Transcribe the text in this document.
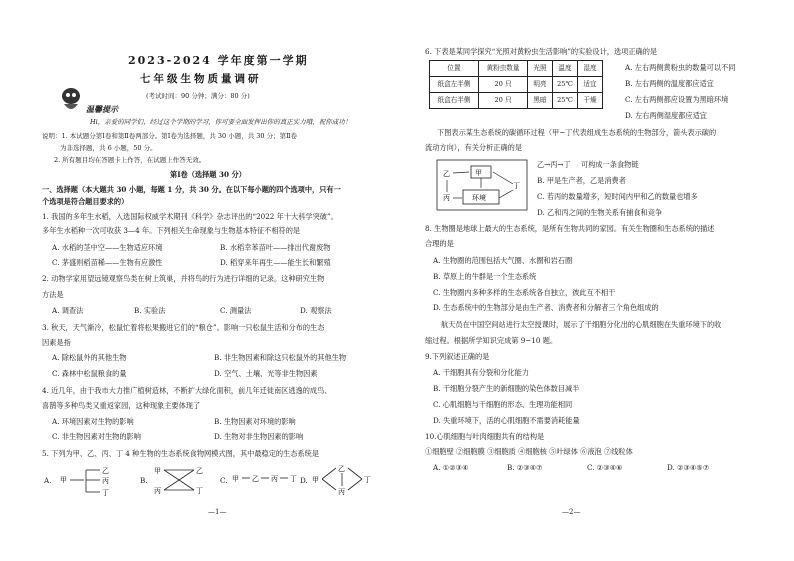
2023-2024 学年度第一学期
七年级生物质量调研
(考试时间：90 分钟；满分：80 分)
温馨提示
Hi，亲爱的同学们，经过这个学期的学习，你可要全面发挥出你的真正实力哦，祝你成功！
说明：1. 本试题分第Ⅰ卷和第Ⅱ卷两部分。第Ⅰ卷为选择题，共 30 小题，共 30 分；第Ⅱ卷
为非选择题，共 6 小题，50 分。
2. 所有题目均在答题卡上作答，在试题上作答无效。
第Ⅰ卷（选择题 30 分）
一、选择题（本大题共 30 小题，每题 1 分，共 30 分。在以下每小题的四个选项中，只有一
个选项是符合题目要求的）
1. 我国的多年生水稻，入选国际权威学术期刊《科学》杂志评出的“2022 年十大科学突破”。
多年生水稻种一次可收获 3—4 年。下列相关生命现象与生物基本特征不相符的是
A. 水稻的茎中空——生物适应环境	B. 水稻幸苯苗叶——排出代谢废物
C. 茅盛则稻苗稀——生物有应激性	D. 稻穿来年再生——能生长和繁殖
2. 动物学家用望远镜观察鸟类在树上筑巢，并将鸟的行为进行详细的记录。这种研究生物
方法是
A. 调查法	B. 实验法	C. 测量法	D. 观察法
3. 秋天，天气渐冷，松鼠忙着将松果搬进它们的“粮仓”。影响一只松鼠生活和分布的生态
因素是指
A. 除松鼠外的其他生物	B. 非生物因素和除这只松鼠外的其他生物
C. 森林中松鼠粮食的量	D. 空气、土壤、光等非生物因素
4. 近几年，由于我市大力推广植树造林，不断扩大绿化面积，前几年迁徙南区逃逸的成鸟、
喜鹊等多种鸟类又重返家园，这种现象主要体现了
A. 环境因素对生物的影响	B. 生物因素对环境的影响
C. 非生物因素对生物的影响	D. 生物对非生物因素的影响
5. 下列为甲、乙、丙、丁 4 种生物的生态系统食物网模式图，其中最稳定的生态系统是
A. 甲
乙
丙
丁
B.
甲
丙
乙
丁
C. 甲 乙 丙 丁 D. 甲
乙
丙
丁
—1—
6. 下表是某同学探究“光照对黄粉虫生活影响”的实验设计，选项正确的是
位置	黄粉虫数量	光照	温度	湿度
纸盒左半侧	20 只	明亮	25℃	适宜
纸盒右半侧	20 只	黑暗	25℃	干燥
A. 左右两侧黄粉虫的数量可以不同
B. 左右两侧的温度都应适宜
C. 左右两侧都应设置为黑暗环境
D. 左右两侧湿度都应适宜
下图表示某生态系统的碳循环过程（甲~丁代表组成生态系统的生物部分，箭头表示碳的
流动方向），有关分析正确的是
乙
丙
甲
环境
丁
乙→丙→丁 可构成一条食物链
B. 甲是生产者，乙是消费者
C. 若丙的数量增多，短时间内甲和乙的数量也增多
D. 乙和丙之间的生物关系有捕食和竞争
8. 生物圈是地球上最大的生态系统，是所有生物共同的家园。有关生物圈和生态系统的描述
合理的是
A. 生物圈的范围包括大气圈、水圈和岩石圈
B. 草原上的牛群是一个生态系统
C. 生物圈内多种多样的生态系统各自独立，彼此互不相干
D. 生态系统中的生物部分是由生产者、消费者和分解者三个角色组成的
航天员在中国空间站进行太空授课时，展示了干细胞分化出的心肌细胞在失重环境下的收
缩过程。根据所学知识完成第 9~10 题。
9.下列叙述正确的是
A. 干细胞具有分裂和分化能力
B. 干细胞分裂产生的新细胞的染色体数目减半
C. 心肌细胞与干细胞的形态、生理功能相同
D. 失重环境下，活的心肌细胞不需要消耗能量
10.心肌细胞与叶肉细胞共有的结构是
①细胞壁 ②细胞膜 ③细胞质 ④细胞核 ⑤叶绿体 ⑥液泡 ⑦线粒体
A. ①②③④	B. ②③④⑦	C. ②③④⑥	D. ②③④⑤⑦
—2—
